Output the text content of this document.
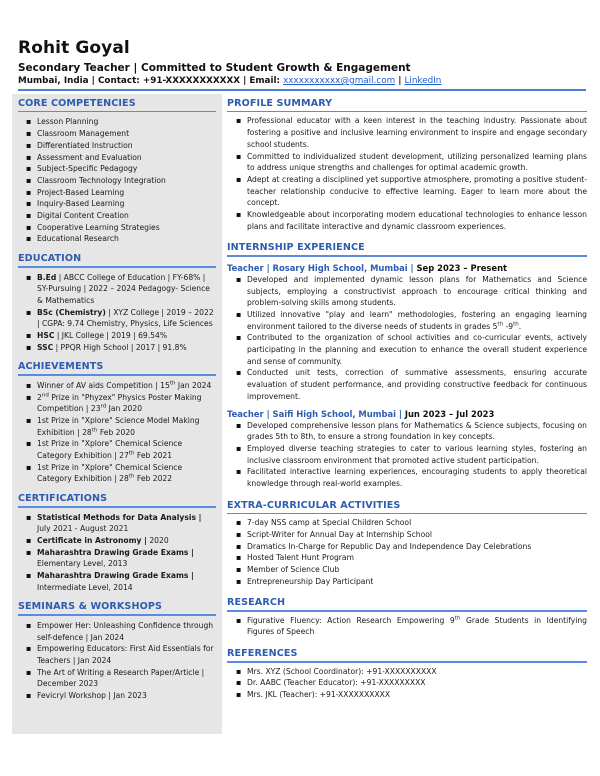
Rohit Goyal
Secondary Teacher | Committed to Student Growth & Engagement
Mumbai, India | Contact: +91-XXXXXXXXXXX | Email: xxxxxxxxxxx@gmail.com | LinkedIn
CORE COMPETENCIES
▪ Lesson Planning
▪ Classroom Management
▪ Differentiated Instruction
▪ Assessment and Evaluation
▪ Subject-Specific Pedagogy
▪ Classroom Technology Integration
▪ Project-Based Learning
▪ Inquiry-Based Learning
▪ Digital Content Creation
▪ Cooperative Learning Strategies
▪ Educational Research
EDUCATION
▪ B.Ed | ABCC College of Education | FY-68% | SY-Pursuing | 2022 – 2024 Pedagogy- Science & Mathematics
▪ BSc (Chemistry) | XYZ College | 2019 – 2022 | CGPA: 9.74 Chemistry, Physics, Life Sciences
▪ HSC | JKL College | 2019 | 69.54%
▪ SSC | PPQR High School | 2017 | 91.8%
ACHIEVEMENTS
▪ Winner of AV aids Competition | 15th Jan 2024
▪ 2nd Prize in "Phyzex" Physics Poster Making Competition | 23rd Jan 2020
▪ 1st Prize in "Xplore" Science Model Making Exhibition | 28th Feb 2020
▪ 1st Prize in "Xplore" Chemical Science Category Exhibition | 27th Feb 2021
▪ 1st Prize in "Xplore" Chemical Science Category Exhibition | 28th Feb 2022
CERTIFICATIONS
▪ Statistical Methods for Data Analysis | July 2021 - August 2021
▪ Certificate in Astronomy | 2020
▪ Maharashtra Drawing Grade Exams | Elementary Level, 2013
▪ Maharashtra Drawing Grade Exams | Intermediate Level, 2014
SEMINARS & WORKSHOPS
▪ Empower Her: Unleashing Confidence through self-defence | Jan 2024
▪ Empowering Educators: First Aid Essentials for Teachers | Jan 2024
▪ The Art of Writing a Research Paper/Article | December 2023
▪ Fevicryl Workshop | Jan 2023
PROFILE SUMMARY
▪ Professional educator with a keen interest in the teaching industry. Passionate about fostering a positive and inclusive learning environment to inspire and engage secondary school students.
▪ Committed to individualized student development, utilizing personalized learning plans to address unique strengths and challenges for optimal academic growth.
▪ Adept at creating a disciplined yet supportive atmosphere, promoting a positive student-teacher relationship conducive to effective learning. Eager to learn more about the concept.
▪ Knowledgeable about incorporating modern educational technologies to enhance lesson plans and facilitate interactive and dynamic classroom experiences.
INTERNSHIP EXPERIENCE
Teacher | Rosary High School, Mumbai | Sep 2023 – Present
▪ Developed and implemented dynamic lesson plans for Mathematics and Science subjects, employing a constructivist approach to encourage critical thinking and problem-solving skills among students.
▪ Utilized innovative "play and learn" methodologies, fostering an engaging learning environment tailored to the diverse needs of students in grades 5th -9th.
▪ Contributed to the organization of school activities and co-curricular events, actively participating in the planning and execution to enhance the overall student experience and sense of community.
▪ Conducted unit tests, correction of summative assessments, ensuring accurate evaluation of student performance, and providing constructive feedback for continuous improvement.
Teacher | Saifi High School, Mumbai | Jun 2023 – Jul 2023
▪ Developed comprehensive lesson plans for Mathematics & Science subjects, focusing on grades 5th to 8th, to ensure a strong foundation in key concepts.
▪ Employed diverse teaching strategies to cater to various learning styles, fostering an inclusive classroom environment that promoted active student participation.
▪ Facilitated interactive learning experiences, encouraging students to apply theoretical knowledge through real-world examples.
EXTRA-CURRICULAR ACTIVITIES
▪ 7-day NSS camp at Special Children School
▪ Script-Writer for Annual Day at Internship School
▪ Dramatics In-Charge for Republic Day and Independence Day Celebrations
▪ Hosted Talent Hunt Program
▪ Member of Science Club
▪ Entrepreneurship Day Participant
RESEARCH
▪ Figurative Fluency: Action Research Empowering 9th Grade Students in Identifying Figures of Speech
REFERENCES
▪ Mrs. XYZ (School Coordinator): +91-XXXXXXXXXX
▪ Dr. AABC (Teacher Educator): +91-XXXXXXXXX
▪ Mrs. JKL (Teacher): +91-XXXXXXXXXX
